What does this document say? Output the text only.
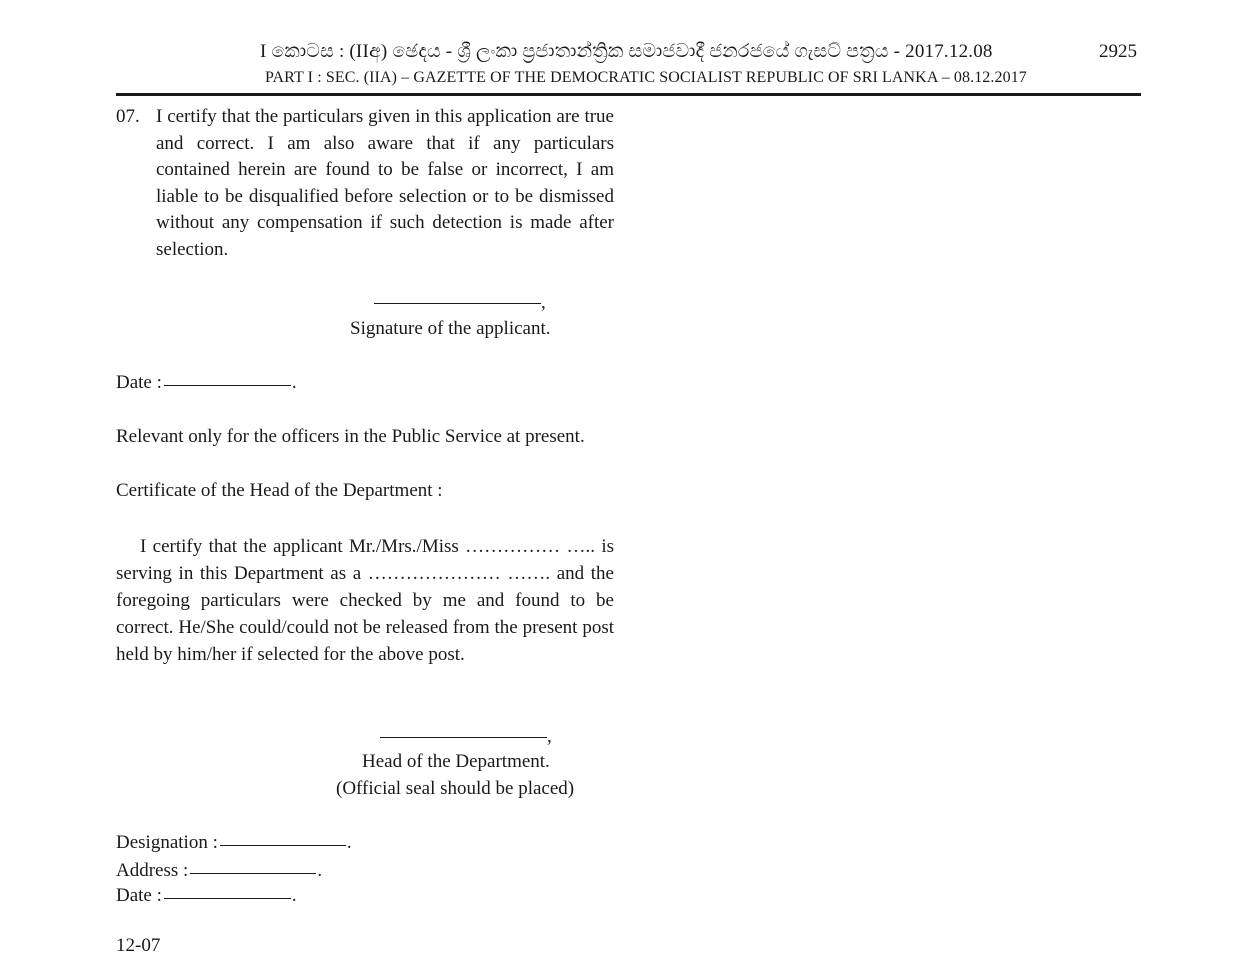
I කොටස : (IIඅ) ඡෙදය - ශ්‍රී ලංකා ප්‍රජාතාන්ත්‍රික සමාජවාදී ජනරජයේ ගැසට් පත්‍රය - 2017.12.08	2925
PART I : SEC. (IIA) – GAZETTE OF THE DEMOCRATIC SOCIALIST REPUBLIC OF SRI LANKA – 08.12.2017
07. I certify that the particulars given in this application are true and correct. I am also aware that if any particulars contained herein are found to be false or incorrect, I am liable to be disqualified before selection or to be dismissed without any compensation if such detection is made after selection.
,
Signature of the applicant.
Date :	.
Relevant only for the officers in the Public Service at present.
Certificate of the Head of the Department :
I certify that the applicant Mr./Mrs./Miss …………… ….. is serving in this Department as a ………………… ……. and the foregoing particulars were checked by me and found to be correct. He/She could/could not be released from the present post held by him/her if selected for the above post.
,
Head of the Department.
(Official seal should be placed)
Designation :	.
Address :	.
Date :	.
12-07
